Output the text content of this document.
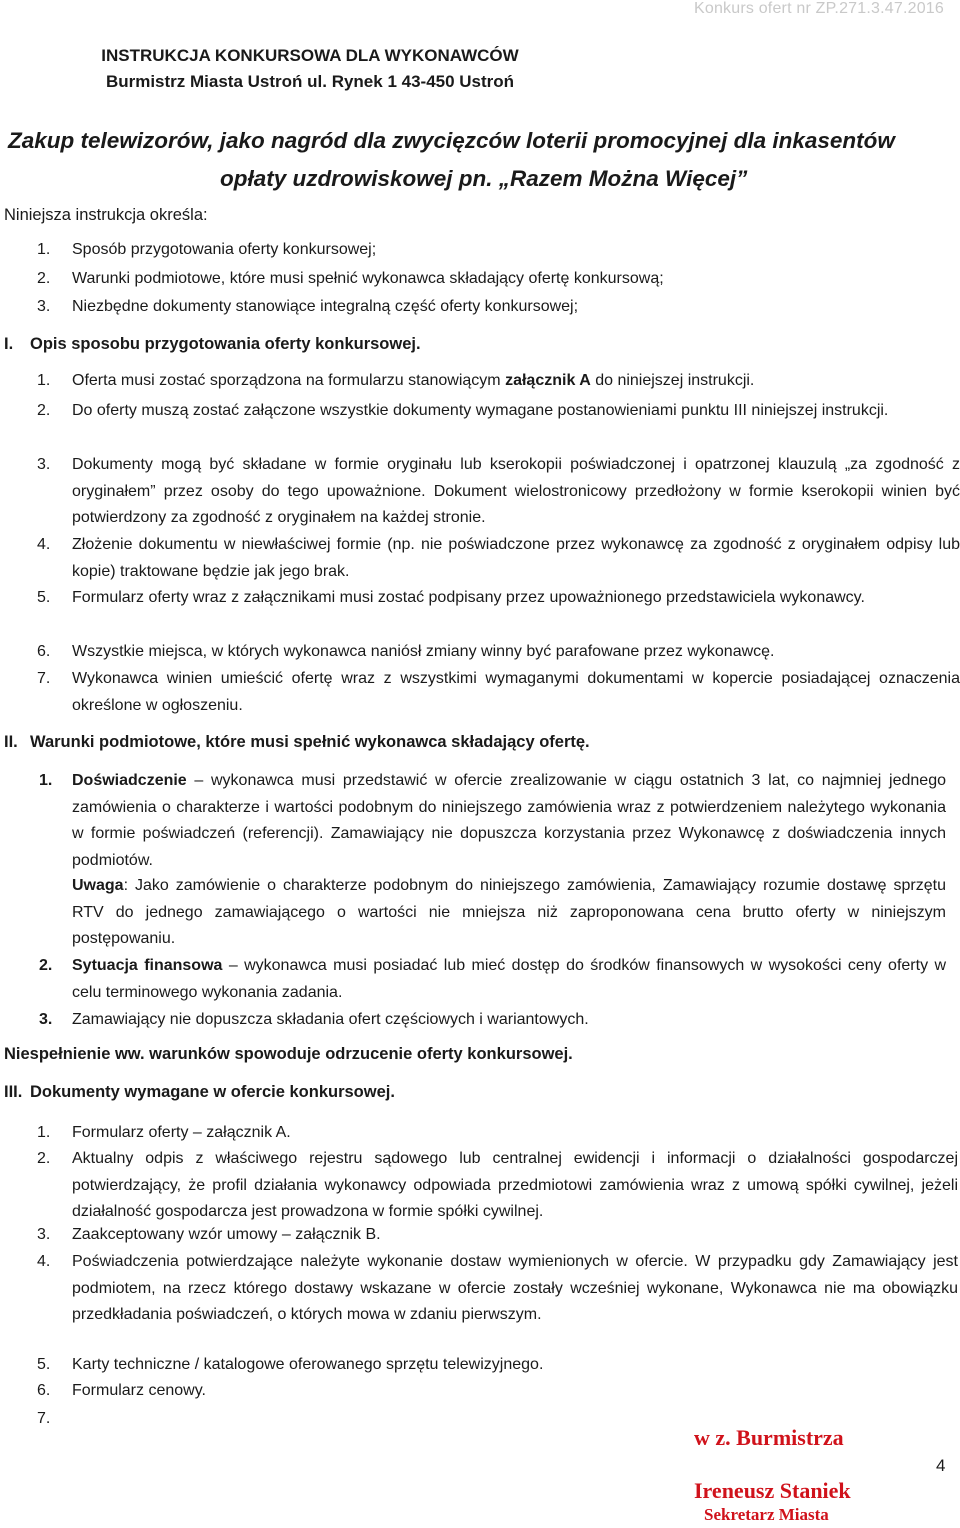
Konkurs ofert nr ZP.271.3.47.2016
INSTRUKCJA KONKURSOWA DLA WYKONAWCÓW
Burmistrz Miasta Ustroń ul. Rynek 1 43-450 Ustroń
Zakup telewizorów, jako nagród dla zwycięzców loterii promocyjnej dla inkasentów
opłaty uzdrowiskowej pn. „Razem Można Więcej”
Niniejsza instrukcja określa:
1. Sposób przygotowania oferty konkursowej;
2. Warunki podmiotowe, które musi spełnić wykonawca składający ofertę konkursową;
3. Niezbędne dokumenty stanowiące integralną część oferty konkursowej;
I. Opis sposobu przygotowania oferty konkursowej.
1. Oferta musi zostać sporządzona na formularzu stanowiącym załącznik A do niniejszej instrukcji.
2. Do oferty muszą zostać załączone wszystkie dokumenty wymagane postanowieniami punktu III niniejszej instrukcji.
3. Dokumenty mogą być składane w formie oryginału lub kserokopii poświadczonej i opatrzonej klauzulą „za zgodność z oryginałem” przez osoby do tego upoważnione. Dokument wielostronicowy przedłożony w formie kserokopii winien być potwierdzony za zgodność z oryginałem na każdej stronie.
4. Złożenie dokumentu w niewłaściwej formie (np. nie poświadczone przez wykonawcę za zgodność z oryginałem odpisy lub kopie) traktowane będzie jak jego brak.
5. Formularz oferty wraz z załącznikami musi zostać podpisany przez upoważnionego przedstawiciela wykonawcy.
6. Wszystkie miejsca, w których wykonawca naniósł zmiany winny być parafowane przez wykonawcę.
7. Wykonawca winien umieścić ofertę wraz z wszystkimi wymaganymi dokumentami w kopercie posiadającej oznaczenia określone w ogłoszeniu.
II. Warunki podmiotowe, które musi spełnić wykonawca składający ofertę.
1. Doświadczenie – wykonawca musi przedstawić w ofercie zrealizowanie w ciągu ostatnich 3 lat, co najmniej jednego zamówienia o charakterze i wartości podobnym do niniejszego zamówienia wraz z potwierdzeniem należytego wykonania w formie poświadczeń (referencji). Zamawiający nie dopuszcza korzystania przez Wykonawcę z doświadczenia innych podmiotów.
Uwaga: Jako zamówienie o charakterze podobnym do niniejszego zamówienia, Zamawiający rozumie dostawę sprzętu RTV do jednego zamawiającego o wartości nie mniejsza niż zaproponowana cena brutto oferty w niniejszym postępowaniu.
2. Sytuacja finansowa – wykonawca musi posiadać lub mieć dostęp do środków finansowych w wysokości ceny oferty w celu terminowego wykonania zadania.
3. Zamawiający nie dopuszcza składania ofert częściowych i wariantowych.
Niespełnienie ww. warunków spowoduje odrzucenie oferty konkursowej.
III. Dokumenty wymagane w ofercie konkursowej.
1. Formularz oferty – załącznik A.
2. Aktualny odpis z właściwego rejestru sądowego lub centralnej ewidencji i informacji o działalności gospodarczej potwierdzający, że profil działania wykonawcy odpowiada przedmiotowi zamówienia wraz z umową spółki cywilnej, jeżeli działalność gospodarcza jest prowadzona w formie spółki cywilnej.
3. Zaakceptowany wzór umowy – załącznik B.
4. Poświadczenia potwierdzające należyte wykonanie dostaw wymienionych w ofercie. W przypadku gdy Zamawiający jest podmiotem, na rzecz którego dostawy wskazane w ofercie zostały wcześniej wykonane, Wykonawca nie ma obowiązku przedkładania poświadczeń, o których mowa w zdaniu pierwszym.
5. Karty techniczne / katalogowe oferowanego sprzętu telewizyjnego.
6. Formularz cenowy.
7.
w z. Burmistrza
Ireneusz Staniek
Sekretarz Miasta
4
